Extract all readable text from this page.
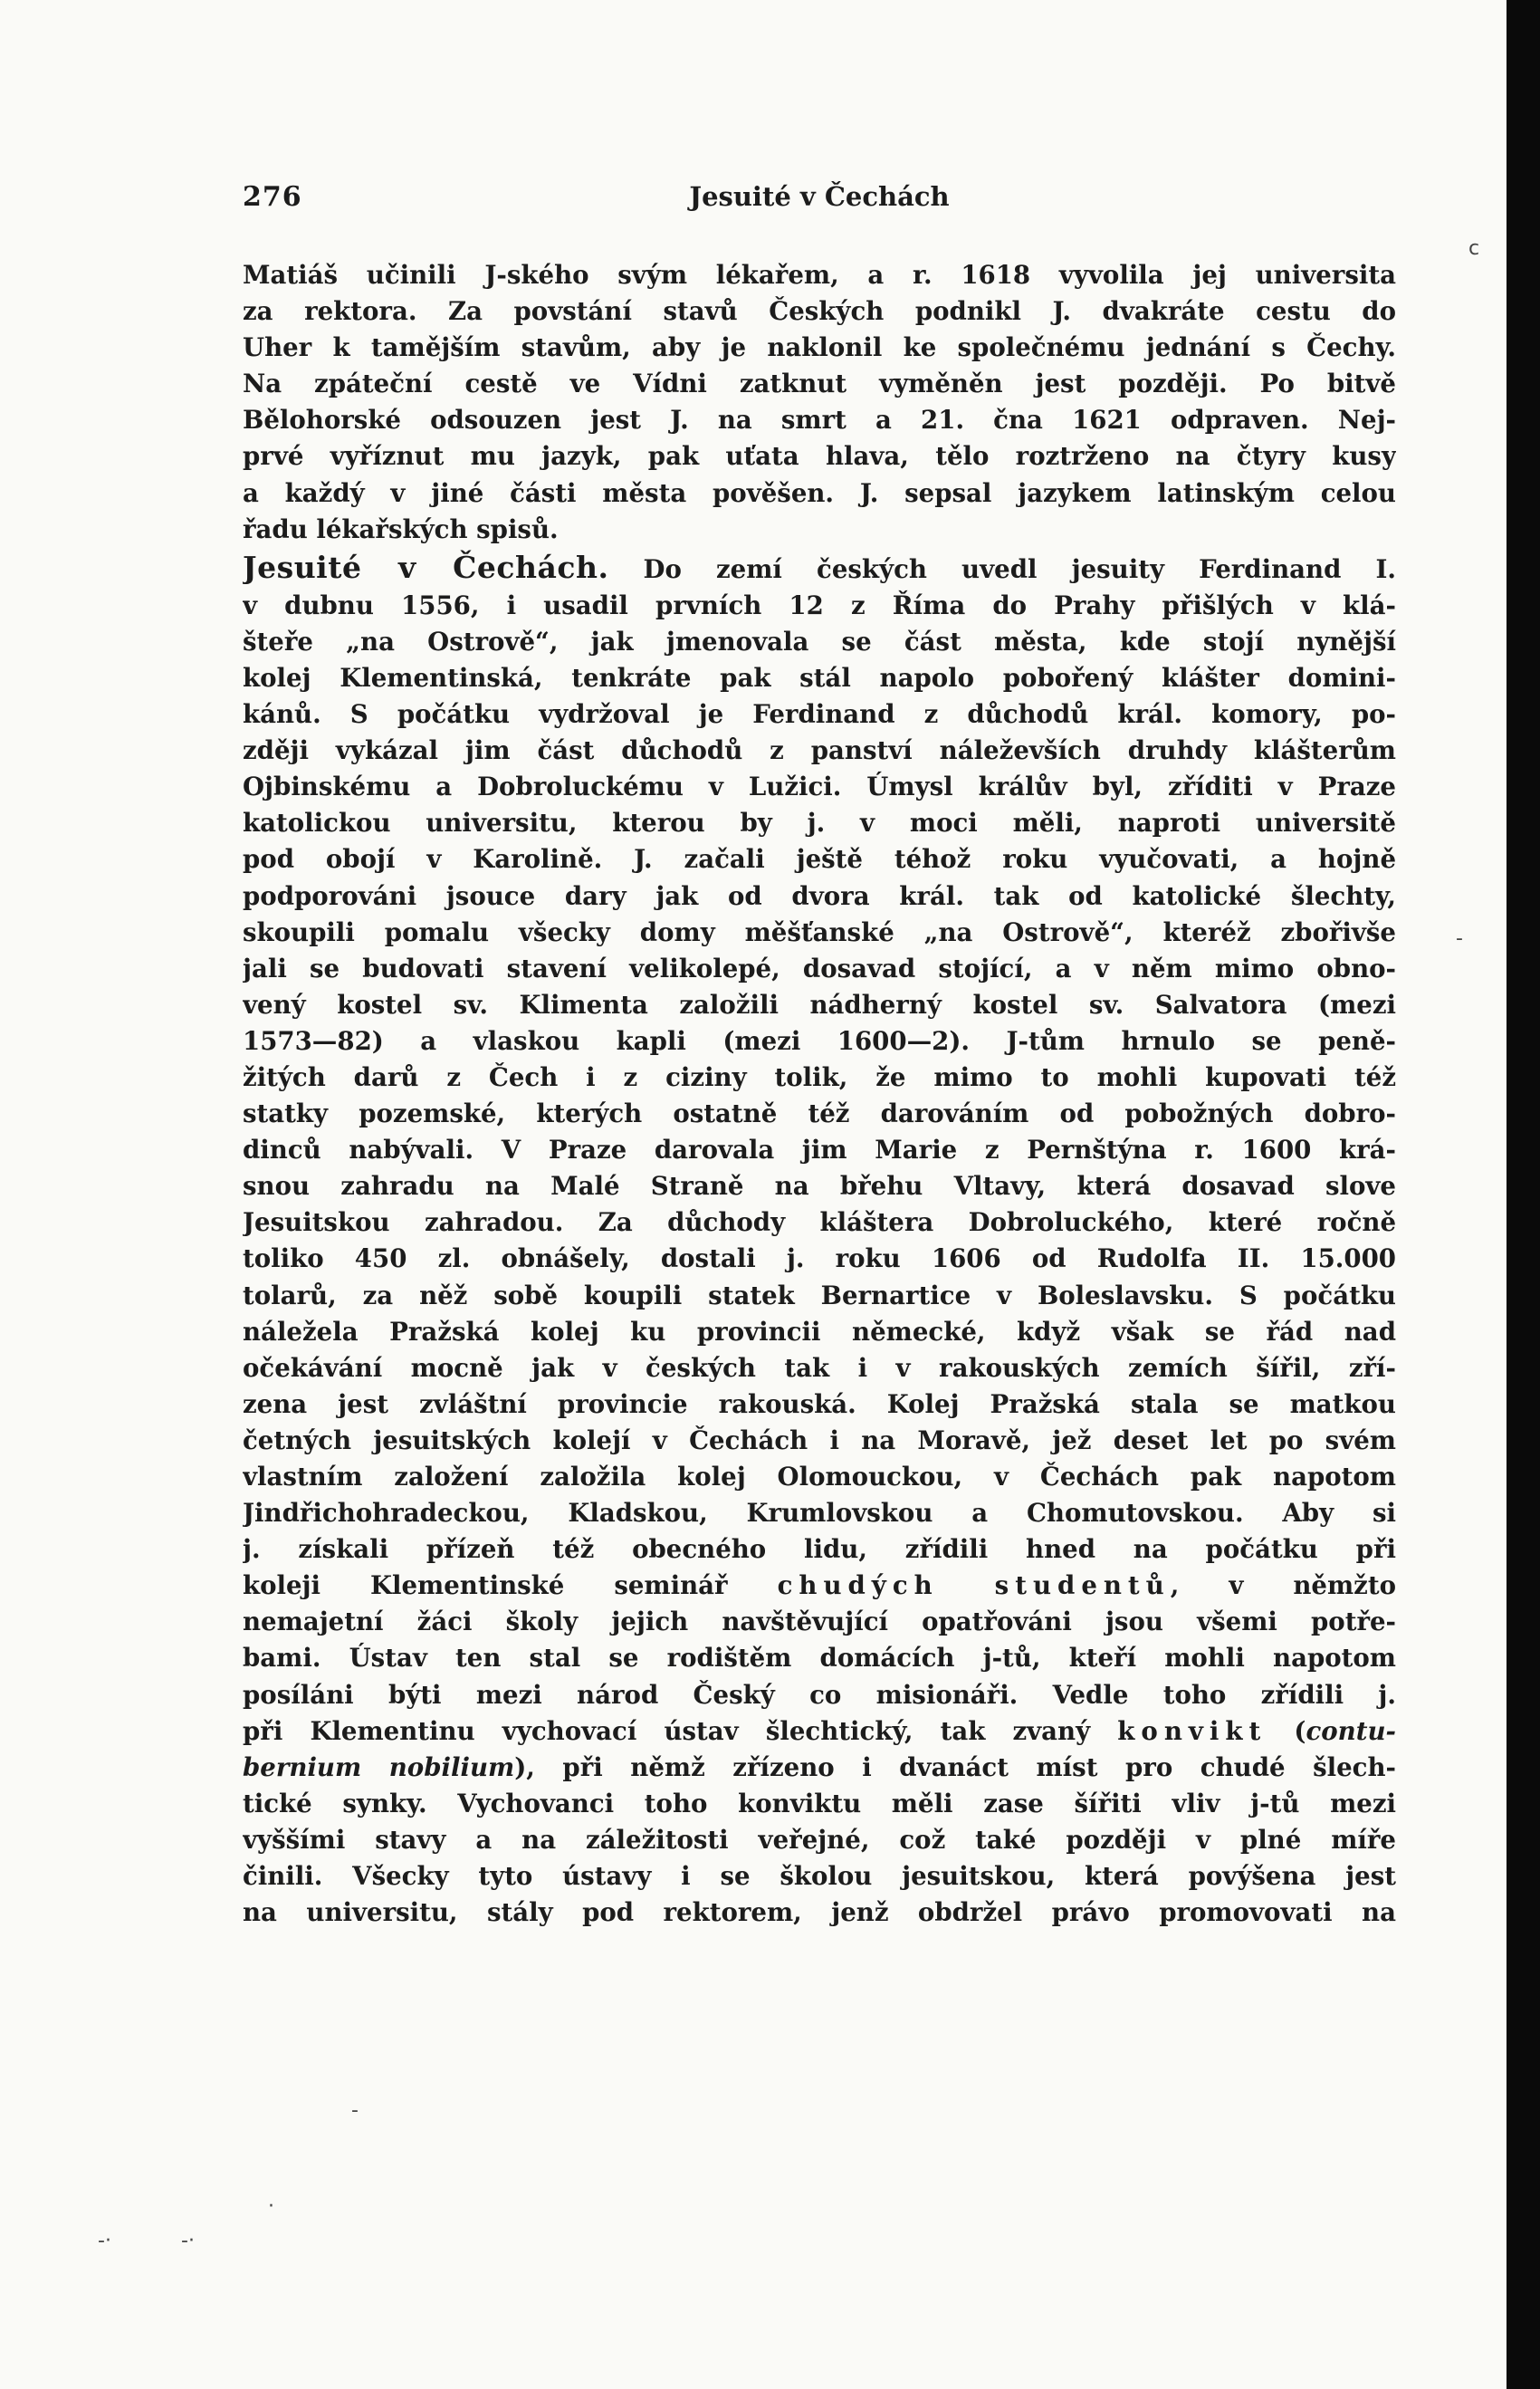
276	Jesuité v Čechách
Matiáš učinili J-ského svým lékařem, a r. 1618 vyvolila jej universita
za rektora. Za povstání stavů Českých podnikl J. dvakráte cestu do
Uher k tamějším stavům, aby je naklonil ke společnému jednání s Čechy.
Na zpáteční cestě ve Vídni zatknut vyměněn jest později. Po bitvě
Bělohorské odsouzen jest J. na smrt a 21. čna 1621 odpraven. Nej-
prvé vyříznut mu jazyk, pak uťata hlava, tělo roztrženo na čtyry kusy
a každý v jiné části města pověšen. J. sepsal jazykem latinským celou
řadu lékařských spisů.
Jesuité v Čechách. Do zemí českých uvedl jesuity Ferdinand I.
v dubnu 1556, i usadil prvních 12 z Říma do Prahy přišlých v klá-
šteře „na Ostrově“, jak jmenovala se část města, kde stojí nynější
kolej Klementinská, tenkráte pak stál napolo pobořený klášter domini-
kánů. S počátku vydržoval je Ferdinand z důchodů král. komory, po-
zději vykázal jim část důchodů z panství náleževších druhdy klášterům
Ojbinskému a Dobroluckému v Lužici. Úmysl králův byl, zříditi v Praze
katolickou universitu, kterou by j. v moci měli, naproti universitě
pod obojí v Karolině. J. začali ještě téhož roku vyučovati, a hojně
podporováni jsouce dary jak od dvora král. tak od katolické šlechty,
skoupili pomalu všecky domy měšťanské „na Ostrově“, kteréž zbořivše
jali se budovati stavení velikolepé, dosavad stojící, a v něm mimo obno-
vený kostel sv. Klimenta založili nádherný kostel sv. Salvatora (mezi
1573—82) a vlaskou kapli (mezi 1600—2). J-tům hrnulo se peně-
žitých darů z Čech i z ciziny tolik, že mimo to mohli kupovati též
statky pozemské, kterých ostatně též darováním od pobožných dobro-
dinců nabývali. V Praze darovala jim Marie z Pernštýna r. 1600 krá-
snou zahradu na Malé Straně na břehu Vltavy, která dosavad slove
Jesuitskou zahradou. Za důchody kláštera Dobroluckého, které ročně
toliko 450 zl. obnášely, dostali j. roku 1606 od Rudolfa II. 15.000
tolarů, za něž sobě koupili statek Bernartice v Boleslavsku. S počátku
náležela Pražská kolej ku provincii německé, když však se řád nad
očekávání mocně jak v českých tak i v rakouských zemích šířil, zří-
zena jest zvláštní provincie rakouská. Kolej Pražská stala se matkou
četných jesuitských kolejí v Čechách i na Moravě, jež deset let po svém
vlastním založení založila kolej Olomouckou, v Čechách pak napotom
Jindřichohradeckou, Kladskou, Krumlovskou a Chomutovskou. Aby si
j. získali přízeň též obecného lidu, zřídili hned na počátku při
koleji Klementinské seminář chudých studentů, v němžto
nemajetní žáci školy jejich navštěvující opatřováni jsou všemi potře-
bami. Ústav ten stal se rodištěm domácích j-tů, kteří mohli napotom
posíláni býti mezi národ Český co misionáři. Vedle toho zřídili j.
při Klementinu vychovací ústav šlechtický, tak zvaný konvikt (contu-
bernium nobilium), při němž zřízeno i dvanáct míst pro chudé šlech-
tické synky. Vychovanci toho konviktu měli zase šířiti vliv j-tů mezi
vyššími stavy a na záležitosti veřejné, což také později v plné míře
činili. Všecky tyto ústavy i se školou jesuitskou, která povýšena jest
na universitu, stály pod rektorem, jenž obdržel právo promovovati na
c
-
-
·
-·	-·
